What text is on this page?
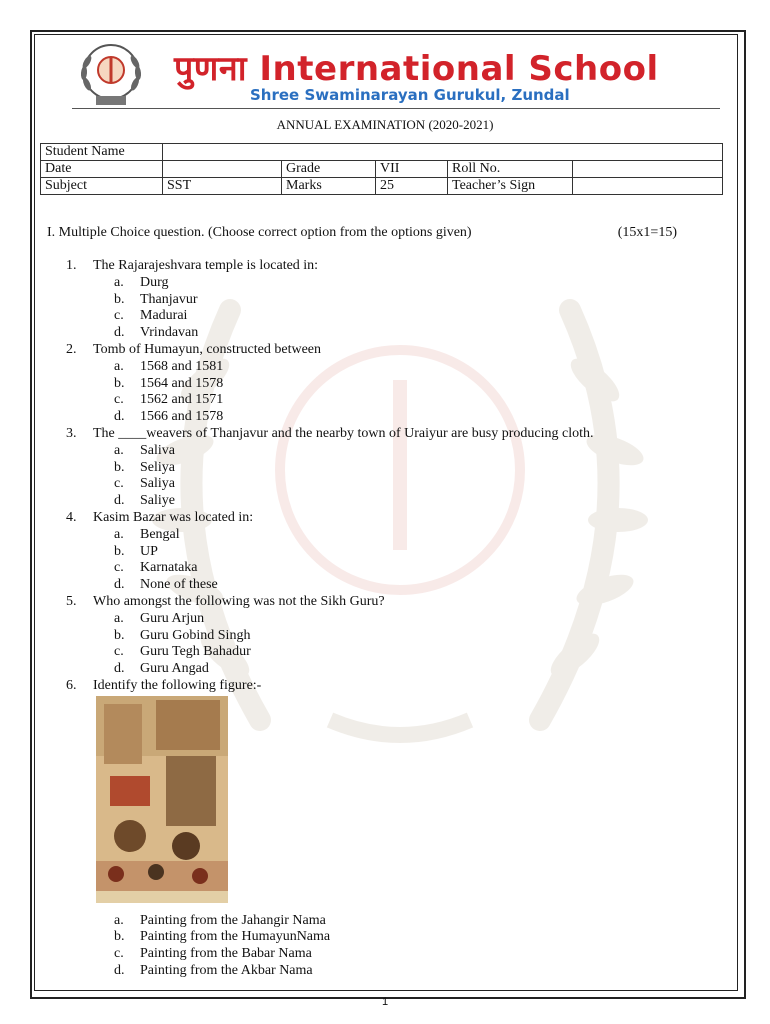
पुणना International School
Shree Swaminarayan Gurukul, Zundal
ANNUAL EXAMINATION (2020-2021)
Student Name					
Date		Grade	VII	Roll No.	
Subject	SST	Marks	25	Teacher’s Sign	
I. Multiple Choice question. (Choose correct option from the options given)	(15x1=15)
1. The Rajarajeshvara temple is located in:
a. Durg
b. Thanjavur
c. Madurai
d. Vrindavan
2. Tomb of Humayun, constructed between
a. 1568 and 1581
b. 1564 and 1578
c. 1562 and 1571
d. 1566 and 1578
3. The ____weavers of Thanjavur and the nearby town of Uraiyur are busy producing cloth.
a. Saliva
b. Seliya
c. Saliya
d. Saliye
4. Kasim Bazar was located in:
a. Bengal
b. UP
c. Karnataka
d. None of these
5. Who amongst the following was not the Sikh Guru?
a. Guru Arjun
b. Guru Gobind Singh
c. Guru Tegh Bahadur
d. Guru Angad
6. Identify the following figure:-
a. Painting from the Jahangir Nama
b. Painting from the HumayunNama
c. Painting from the Babar Nama
d. Painting from the Akbar Nama
1
